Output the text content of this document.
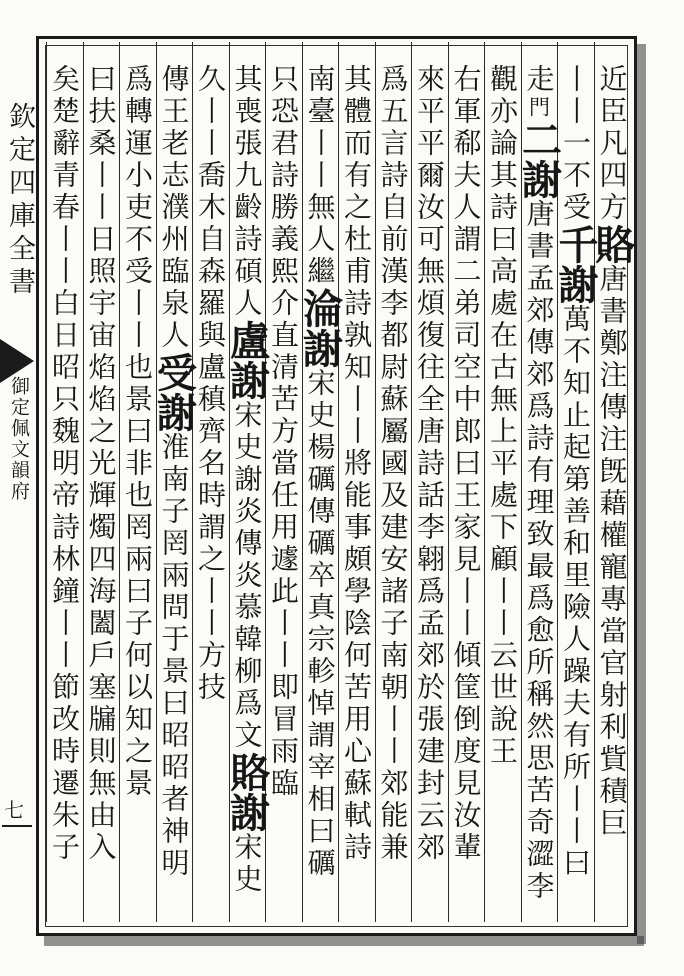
欽定四庫全書
御定佩文韻府
七
近臣凡四方賂唐書鄭注傳注旣藉權寵專當官射利貲積巨
丨丨一不受千謝萬不知止起第善和里險人躁夫有所丨丨曰
走門二謝唐書孟郊傳郊爲詩有理致最爲愈所稱然思苦奇澀李
觀亦論其詩曰高處在古無上平處下顧丨丨云世說王
右軍郗夫人謂二弟司空中郎曰王家見丨丨傾筐倒度見汝輩
來平平爾汝可無煩復往全唐詩話李翶爲孟郊於張建封云郊
爲五言詩自前漢李都尉蘇屬國及建安諸子南朝丨丨郊能兼
其體而有之杜甫詩孰知丨丨將能事頗學陰何苦用心蘇軾詩
南臺丨丨無人繼淪謝宋史楊礪傳礪卒真宗軫悼謂宰相曰礪
只恐君詩勝義熙介直清苦方當任用遽此丨丨即冒雨臨
其喪張九齡詩碩人盧謝宋史謝炎傳炎慕韓柳爲文賂謝宋史
久丨丨喬木自森羅與盧稹齊名時謂之丨丨方技
傳王老志濮州臨泉人受謝淮南子罔兩問于景曰昭昭者神明
爲轉運小吏不受丨丨也景曰非也罔兩曰子何以知之景
曰扶桑丨丨日照宇宙焰焰之光輝燭四海闔戶塞牖則無由入
矣楚辭青春丨丨白日昭只魏明帝詩林鐘丨丨節改時遷朱子
